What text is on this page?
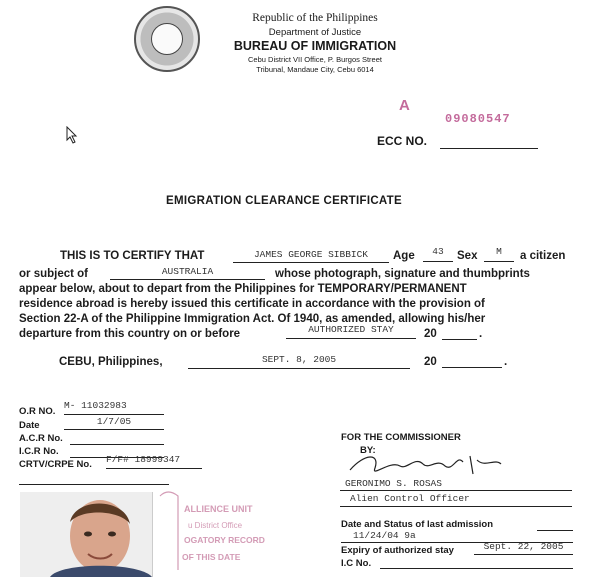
Republic of the Philippines
Department of Justice
BUREAU OF IMMIGRATION
Cebu District VII Office, P. Burgos Street
Tribunal, Mandaue City, Cebu 6014
A
09080547
ECC NO.
EMIGRATION CLEARANCE CERTIFICATE
THIS IS TO CERTIFY THAT	JAMES GEORGE SIBBICK	Age	43	Sex	M	a citizen
or subject of	AUSTRALIA	whose photograph, signature and thumbprints
appear below, about to depart from the Philippines for TEMPORARY/PERMANENT
residence abroad is hereby issued this certificate in accordance with the provision of
Section 22-A of the Philippine Immigration Act. Of 1940, as amended, allowing his/her
departure from this country on or before	AUTHORIZED STAY	20	.
CEBU, Philippines,	SEPT. 8, 2005	20	.
O.R NO.
M- 11032983
Date	1/7/05
A.C.R No.
I.C.R No.
CRTV/CRPE No. F/F# 18999347
FOR THE COMMISSIONER
BY:
GERONIMO S. ROSAS
Alien Control Officer
Date and Status of last admission
11/24/04 9a
Expiry of authorized stay	Sept. 22, 2005
I.C No.
ALLIENCE UNIT
u District Office
OGATORY RECORD
OF THIS DATE
